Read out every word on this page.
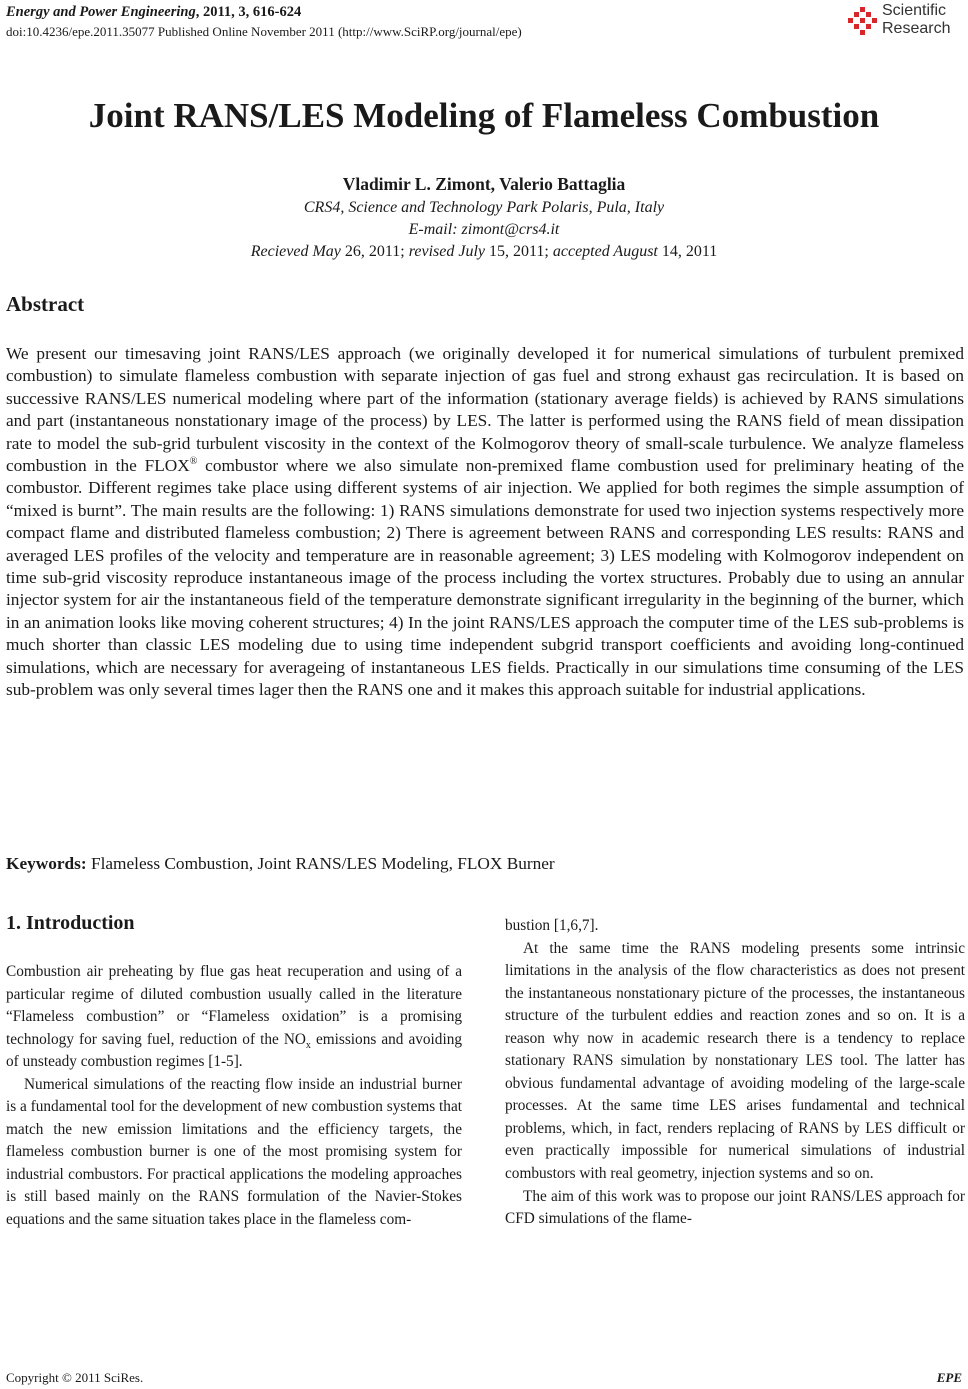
Energy and Power Engineering, 2011, 3, 616-624
doi:10.4236/epe.2011.35077 Published Online November 2011 (http://www.SciRP.org/journal/epe)
Scientific
Research
Joint RANS/LES Modeling of Flameless Combustion
Vladimir L. Zimont, Valerio Battaglia
CRS4, Science and Technology Park Polaris, Pula, Italy
E-mail: zimont@crs4.it
Recieved May 26, 2011; revised July 15, 2011; accepted August 14, 2011
Abstract
We present our timesaving joint RANS/LES approach (we originally developed it for numerical simulations of turbulent premixed combustion) to simulate flameless combustion with separate injection of gas fuel and strong exhaust gas recirculation. It is based on successive RANS/LES numerical modeling where part of the information (stationary average fields) is achieved by RANS simulations and part (instantaneous nonstationary image of the process) by LES. The latter is performed using the RANS field of mean dissipation rate to model the sub-grid turbulent viscosity in the context of the Kolmogorov theory of small-scale turbulence. We analyze flameless combustion in the FLOX® combustor where we also simulate non-premixed flame combustion used for preliminary heating of the combustor. Different regimes take place using different systems of air injection. We applied for both regimes the simple assumption of “mixed is burnt”. The main results are the following: 1) RANS simulations demonstrate for used two injection systems respectively more compact flame and distributed flameless combustion; 2) There is agreement between RANS and corresponding LES results: RANS and averaged LES profiles of the velocity and temperature are in reasonable agreement; 3) LES modeling with Kolmogorov independent on time sub-grid viscosity reproduce instantaneous image of the process including the vortex structures. Probably due to using an annular injector system for air the instantaneous field of the temperature demonstrate significant irregularity in the beginning of the burner, which in an animation looks like moving coherent structures; 4) In the joint RANS/LES approach the computer time of the LES sub-problems is much shorter than classic LES modeling due to using time independent subgrid transport coefficients and avoiding long-continued simulations, which are necessary for averageing of instantaneous LES fields. Practically in our simulations time consuming of the LES sub-problem was only several times lager then the RANS one and it makes this approach suitable for industrial applications.
Keywords: Flameless Combustion, Joint RANS/LES Modeling, FLOX Burner
1. Introduction

Combustion air preheating by flue gas heat recuperation and using of a particular regime of diluted combustion usually called in the literature “Flameless combustion” or “Flameless oxidation” is a promising technology for saving fuel, reduction of the $NO_x$ emissions and avoiding of unsteady combustion regimes [1-5].

Numerical simulations of the reacting flow inside an industrial burner is a fundamental tool for the development of new combustion systems that match the new emission limitations and the efficiency targets, the flameless combustion burner is one of the most promising system for industrial combustors. For practical applications the modeling approaches is still based mainly on the RANS formulation of the Navier-Stokes equations and the same situation takes place in the flameless com-

bustion [1,6,7].

At the same time the RANS modeling presents some intrinsic limitations in the analysis of the flow characteristics as does not present the instantaneous nonstationary picture of the processes, the instantaneous structure of the turbulent eddies and reaction zones and so on. It is a reason why now in academic research there is a tendency to replace stationary RANS simulation by nonstationary LES tool. The latter has obvious fundamental advantage of avoiding modeling of the large-scale processes. At the same time LES arises fundamental and technical problems, which, in fact, renders replacing of RANS by LES difficult or even practically impossible for numerical simulations of industrial combustors with real geometry, injection systems and so on.

The aim of this work was to propose our joint RANS/LES approach for CFD simulations of the flame-

Copyright © 2011 SciRes.	EPE
